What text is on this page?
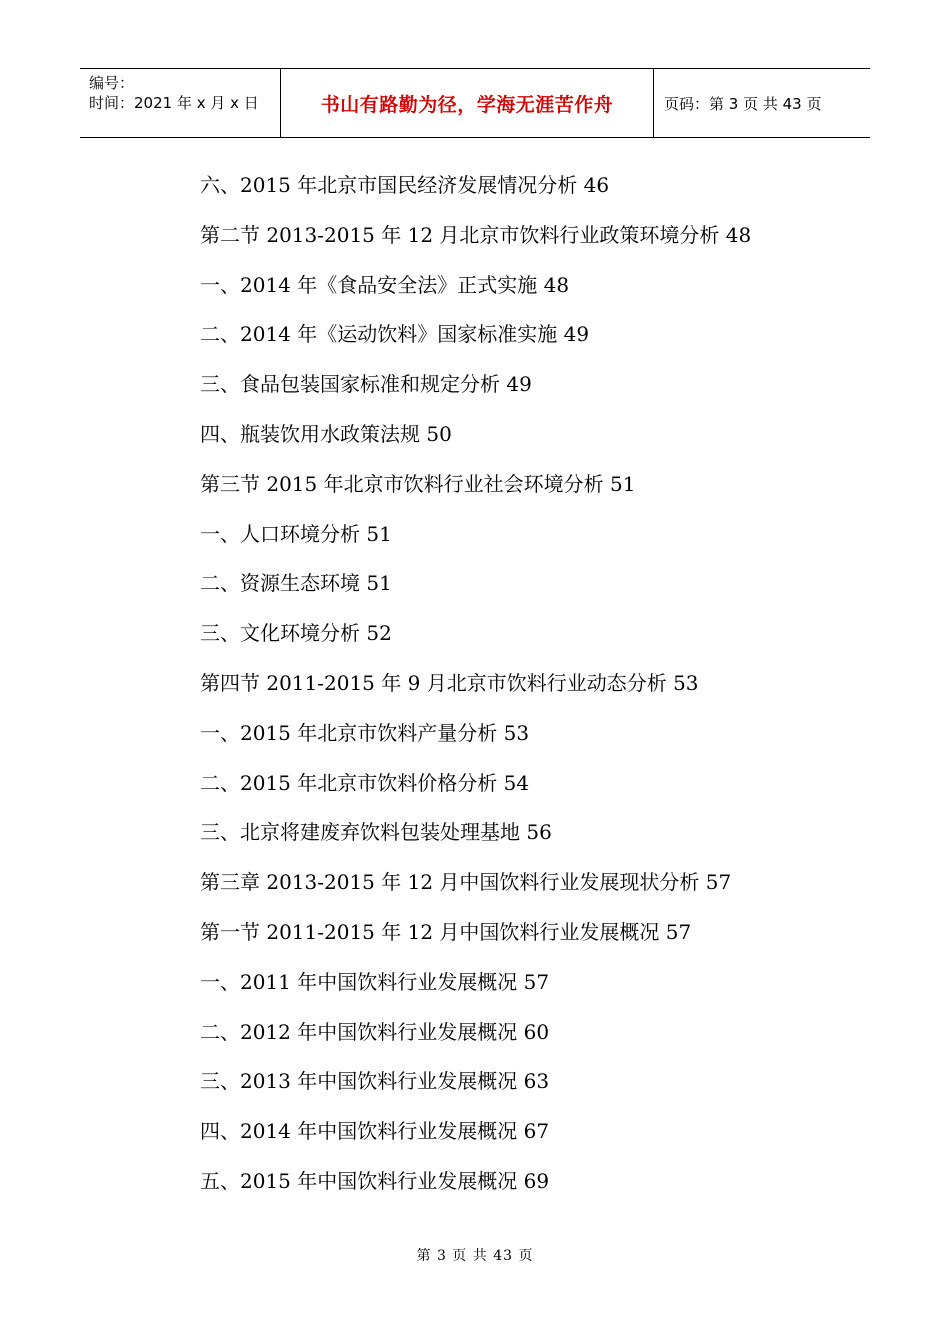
编号：
时间：2021 年 x 月 x 日	书山有路勤为径，学海无涯苦作舟	页码：第 3 页 共 43 页
六、2015 年北京市国民经济发展情况分析 46
第二节 2013-2015 年 12 月北京市饮料行业政策环境分析 48
一、2014 年《食品安全法》正式实施 48
二、2014 年《运动饮料》国家标准实施 49
三、食品包装国家标准和规定分析 49
四、瓶装饮用水政策法规 50
第三节 2015 年北京市饮料行业社会环境分析 51
一、人口环境分析 51
二、资源生态环境 51
三、文化环境分析 52
第四节 2011-2015 年 9 月北京市饮料行业动态分析 53
一、2015 年北京市饮料产量分析 53
二、2015 年北京市饮料价格分析 54
三、北京将建废弃饮料包装处理基地 56
第三章 2013-2015 年 12 月中国饮料行业发展现状分析 57
第一节 2011-2015 年 12 月中国饮料行业发展概况 57
一、2011 年中国饮料行业发展概况 57
二、2012 年中国饮料行业发展概况 60
三、2013 年中国饮料行业发展概况 63
四、2014 年中国饮料行业发展概况 67
五、2015 年中国饮料行业发展概况 69
第 3 页 共 43 页
